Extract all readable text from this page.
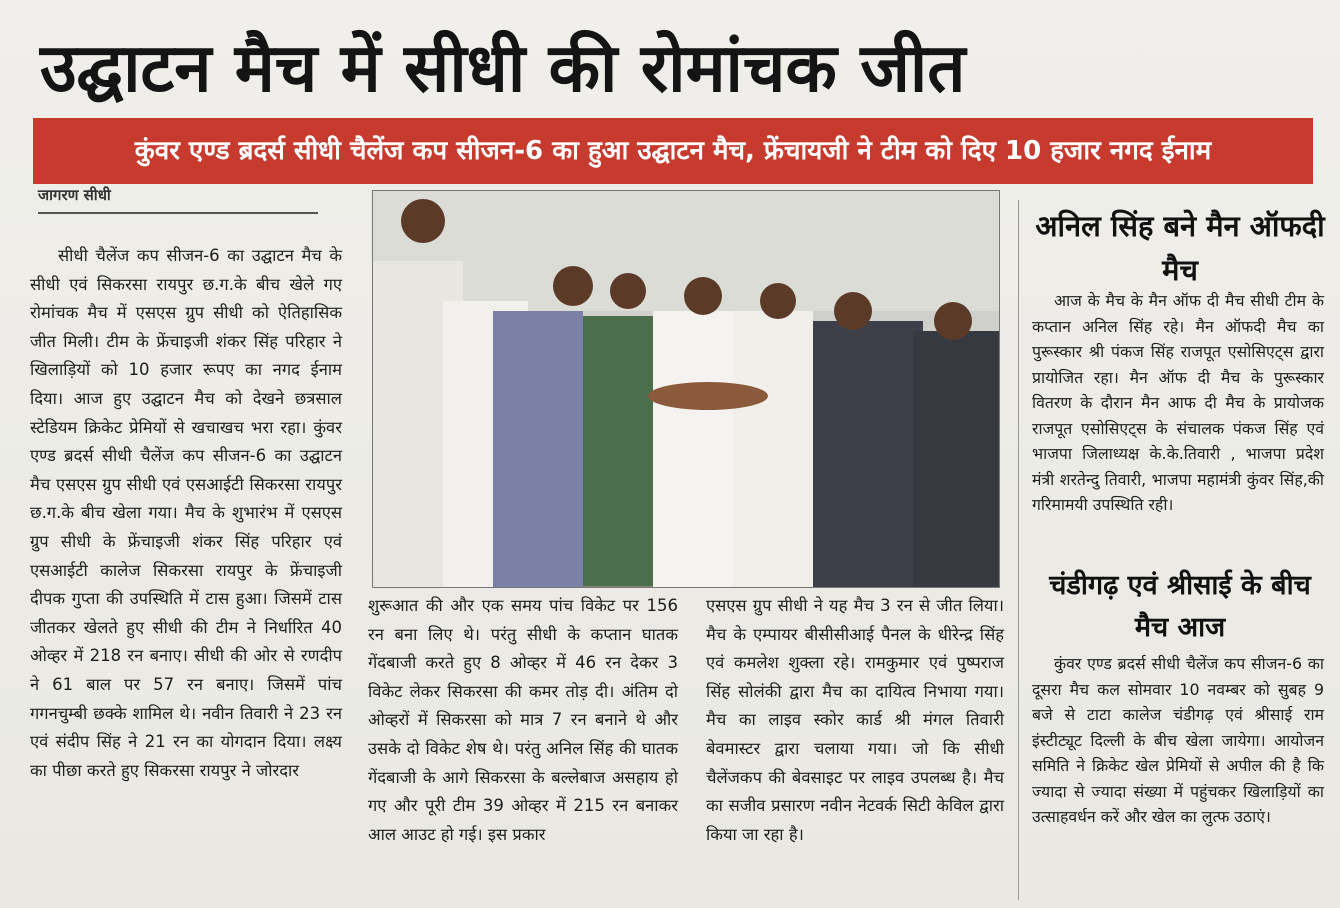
उद्घाटन मैच में सीधी की रोमांचक जीत
कुंवर एण्ड ब्रदर्स सीधी चैलेंज कप सीजन-6 का हुआ उद्घाटन मैच, फ्रेंचायजी ने टीम को दिए 10 हजार नगद ईनाम
जागरण सीधी

सीधी चैलेंज कप सीजन-6 का उद्घाटन मैच के सीधी एवं सिकरसा रायपुर छ.ग.के बीच खेले गए रोमांचक मैच में एसएस ग्रुप सीधी को ऐतिहासिक जीत मिली। टीम के फ्रेंचाइजी शंकर सिंह परिहार ने खिलाड़ियों को 10 हजार रूपए का नगद ईनाम दिया। आज हुए उद्घाटन मैच को देखने छत्रसाल स्टेडियम क्रिकेट प्रेमियों से खचाखच भरा रहा। कुंवर एण्ड ब्रदर्स सीधी चैलेंज कप सीजन-6 का उद्घाटन मैच एसएस ग्रुप सीधी एवं एसआईटी सिकरसा रायपुर छ.ग.के बीच खेला गया। मैच के शुभारंभ में एसएस ग्रुप सीधी के फ्रेंचाइजी शंकर सिंह परिहार एवं एसआईटी कालेज सिकरसा रायपुर के फ्रेंचाइजी दीपक गुप्ता की उपस्थिति में टास हुआ। जिसमें टास जीतकर खेलते हुए सीधी की टीम ने निर्धारित 40 ओव्हर में 218 रन बनाए। सीधी की ओर से रणदीप ने 61 बाल पर 57 रन बनाए। जिसमें पांच गगनचुम्बी छक्के शामिल थे। नवीन तिवारी ने 23 रन एवं संदीप सिंह ने 21 रन का योगदान दिया। लक्ष्य का पीछा करते हुए सिकरसा रायपुर ने जोरदार

शुरूआत की और एक समय पांच विकेट पर 156 रन बना लिए थे। परंतु सीधी के कप्तान घातक गेंदबाजी करते हुए 8 ओव्हर में 46 रन देकर 3 विकेट लेकर सिकरसा की कमर तोड़ दी। अंतिम दो ओव्हरों में सिकरसा को मात्र 7 रन बनाने थे और उसके दो विकेट शेष थे। परंतु अनिल सिंह की घातक गेंदबाजी के आगे सिकरसा के बल्लेबाज असहाय हो गए और पूरी टीम 39 ओव्हर में 215 रन बनाकर आल आउट हो गई। इस प्रकार

एसएस ग्रुप सीधी ने यह मैच 3 रन से जीत लिया। मैच के एम्पायर बीसीसीआई पैनल के धीरेन्द्र सिंह एवं कमलेश शुक्ला रहे। रामकुमार एवं पुष्पराज सिंह सोलंकी द्वारा मैच का दायित्व निभाया गया। मैच का लाइव स्कोर कार्ड श्री मंगल तिवारी बेवमास्टर द्वारा चलाया गया। जो कि सीधी चैलेंजकप की बेवसाइट पर लाइव उपलब्ध है। मैच का सजीव प्रसारण नवीन नेटवर्क सिटी केविल द्वारा किया जा रहा है।

अनिल सिंह बने मैन ऑफदी मैच

आज के मैच के मैन ऑफ दी मैच सीधी टीम के कप्तान अनिल सिंह रहे। मैन ऑफदी मैच का पुरूस्कार श्री पंकज सिंह राजपूत एसोसिएट्स द्वारा प्रायोजित रहा। मैन ऑफ दी मैच के पुरूस्कार वितरण के दौरान मैन आफ दी मैच के प्रायोजक राजपूत एसोसिएट्स के संचालक पंकज सिंह एवं भाजपा जिलाध्यक्ष के.के.तिवारी , भाजपा प्रदेश मंत्री शरतेन्दु तिवारी, भाजपा महामंत्री कुंवर सिंह,की गरिमामयी उपस्थिति रही।

चंडीगढ़ एवं श्रीसाई के बीच मैच आज

कुंवर एण्ड ब्रदर्स सीधी चैलेंज कप सीजन-6 का दूसरा मैच कल सोमवार 10 नवम्बर को सुबह 9 बजे से टाटा कालेज चंडीगढ़ एवं श्रीसाई राम इंस्टीट्यूट दिल्ली के बीच खेला जायेगा। आयोजन समिति ने क्रिकेट खेल प्रेमियों से अपील की है कि ज्यादा से ज्यादा संख्या में पहुंचकर खिलाड़ियों का उत्साहवर्धन करें और खेल का लुत्फ उठाएं।
